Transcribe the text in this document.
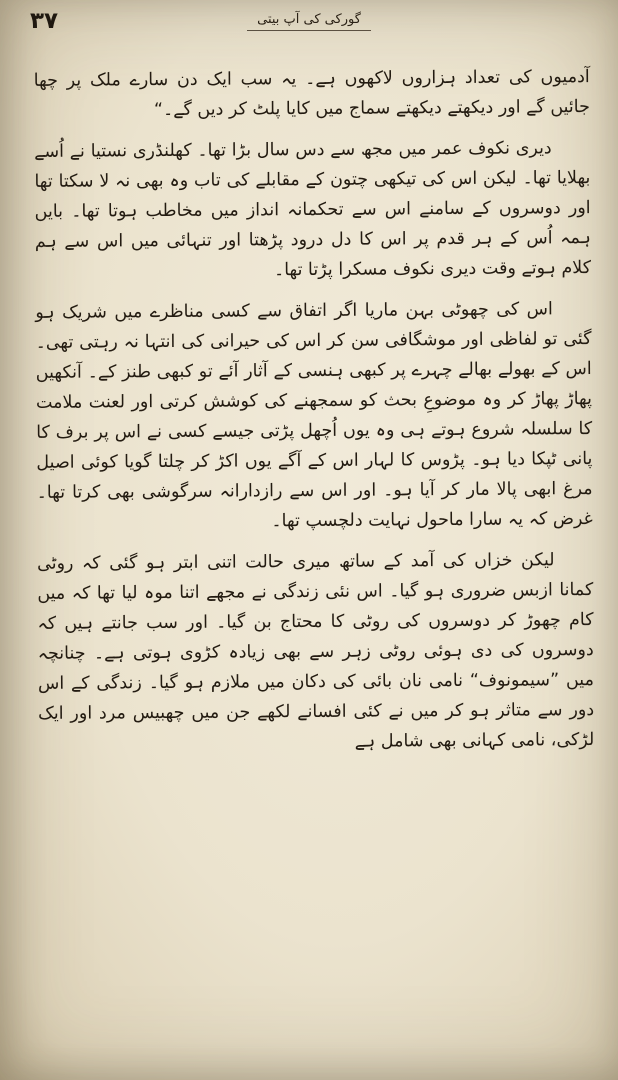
۳۷	گورکی کی آپ بیتی

آدمیوں کی تعداد ہزاروں لاکھوں ہے۔ یہ سب ایک دن سارے ملک پر چھا جائیں گے اور دیکھتے دیکھتے سماج میں کایا پلٹ کر دیں گے۔“

دیری نکوف عمر میں مجھ سے دس سال بڑا تھا۔ کھلنڈری نستیا نے اُسے بھلایا تھا۔ لیکن اس کی تیکھی چتون کے مقابلے کی تاب وہ بھی نہ لا سکتا تھا اور دوسروں کے سامنے اس سے تحکمانہ انداز میں مخاطب ہوتا تھا۔ بایں ہمہ اُس کے ہر قدم پر اس کا دل درود پڑھتا اور تنہائی میں اس سے ہم کلام ہوتے وقت دیری نکوف مسکرا پڑتا تھا۔

اس کی چھوٹی بہن ماریا اگر اتفاق سے کسی مناظرے میں شریک ہو گئی تو لفاظی اور موشگافی سن کر اس کی حیرانی کی انتہا نہ رہتی تھی۔ اس کے بھولے بھالے چہرے پر کبھی ہنسی کے آثار آئے تو کبھی طنز کے۔ آنکھیں پھاڑ پھاڑ کر وہ موضوعِ بحث کو سمجھنے کی کوشش کرتی اور لعنت ملامت کا سلسلہ شروع ہوتے ہی وہ یوں اُچھل پڑتی جیسے کسی نے اس پر برف کا پانی ٹپکا دیا ہو۔ پڑوس کا لہار اس کے آگے یوں اکڑ کر چلتا گویا کوئی اصیل مرغ ابھی پالا مار کر آیا ہو۔ اور اس سے رازدارانہ سرگوشی بھی کرتا تھا۔ غرض کہ یہ سارا ماحول نہایت دلچسپ تھا۔

لیکن خزاں کی آمد کے ساتھ میری حالت اتنی ابتر ہو گئی کہ روٹی کمانا ازبس ضروری ہو گیا۔ اس نئی زندگی نے مجھے اتنا موہ لیا تھا کہ میں کام چھوڑ کر دوسروں کی روٹی کا محتاج بن گیا۔ اور سب جانتے ہیں کہ دوسروں کی دی ہوئی روٹی زہر سے بھی زیادہ کڑوی ہوتی ہے۔ چنانچہ میں ”سیمونوف“ نامی نان بائی کی دکان میں ملازم ہو گیا۔ زندگی کے اس دور سے متاثر ہو کر میں نے کئی افسانے لکھے جن میں چھبیس مرد اور ایک لڑکی، نامی کہانی بھی شامل ہے
